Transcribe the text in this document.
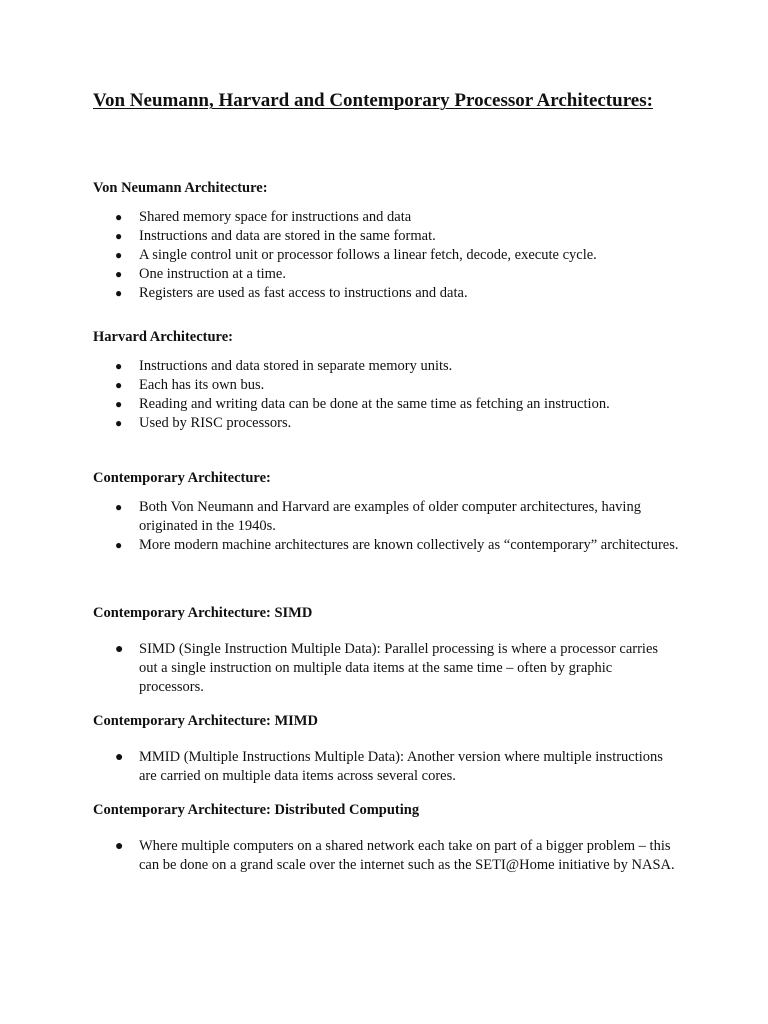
Von Neumann, Harvard and Contemporary Processor Architectures:

Von Neumann Architecture:

● Shared memory space for instructions and data
● Instructions and data are stored in the same format.
● A single control unit or processor follows a linear fetch, decode, execute cycle.
● One instruction at a time.
● Registers are used as fast access to instructions and data.

Harvard Architecture:

● Instructions and data stored in separate memory units.
● Each has its own bus.
● Reading and writing data can be done at the same time as fetching an instruction.
● Used by RISC processors.

Contemporary Architecture:

● Both Von Neumann and Harvard are examples of older computer architectures, having originated in the 1940s.
● More modern machine architectures are known collectively as “contemporary” architectures.

Contemporary Architecture: SIMD

● SIMD (Single Instruction Multiple Data): Parallel processing is where a processor carries out a single instruction on multiple data items at the same time – often by graphic processors.

Contemporary Architecture: MIMD

● MMID (Multiple Instructions Multiple Data): Another version where multiple instructions are carried on multiple data items across several cores.

Contemporary Architecture: Distributed Computing

● Where multiple computers on a shared network each take on part of a bigger problem – this can be done on a grand scale over the internet such as the SETI@Home initiative by NASA.
